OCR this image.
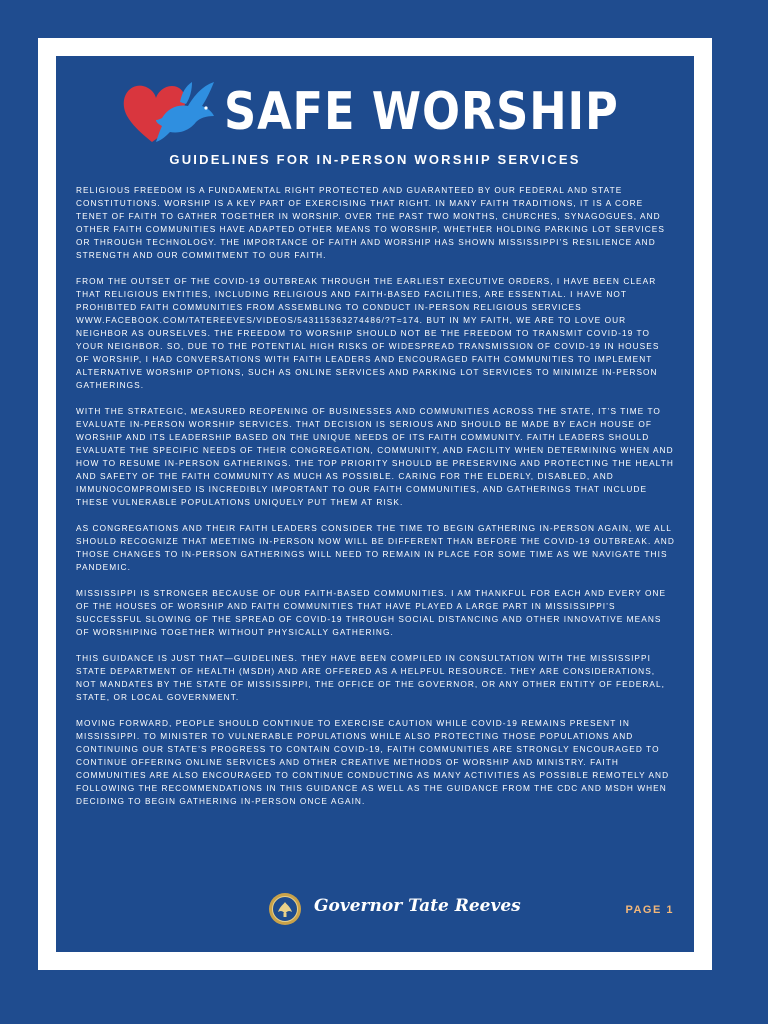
SAFE WORSHIP
GUIDELINES FOR IN-PERSON WORSHIP SERVICES

RELIGIOUS FREEDOM IS A FUNDAMENTAL RIGHT PROTECTED AND GUARANTEED BY OUR FEDERAL AND STATE CONSTITUTIONS. WORSHIP IS A KEY PART OF EXERCISING THAT RIGHT. IN MANY FAITH TRADITIONS, IT IS A CORE TENET OF FAITH TO GATHER TOGETHER IN WORSHIP. OVER THE PAST TWO MONTHS, CHURCHES, SYNAGOGUES, AND OTHER FAITH COMMUNITIES HAVE ADAPTED OTHER MEANS TO WORSHIP, WHETHER HOLDING PARKING LOT SERVICES OR THROUGH TECHNOLOGY. THE IMPORTANCE OF FAITH AND WORSHIP HAS SHOWN MISSISSIPPI’S RESILIENCE AND STRENGTH AND OUR COMMITMENT TO OUR FAITH.

FROM THE OUTSET OF THE COVID-19 OUTBREAK THROUGH THE EARLIEST EXECUTIVE ORDERS, I HAVE BEEN CLEAR THAT RELIGIOUS ENTITIES, INCLUDING RELIGIOUS AND FAITH-BASED FACILITIES, ARE ESSENTIAL. I HAVE NOT PROHIBITED FAITH COMMUNITIES FROM ASSEMBLING TO CONDUCT IN-PERSON RELIGIOUS SERVICES WWW.FACEBOOK.COM/TATEREEVES/VIDEOS/543115363274486/?T=174. BUT IN MY FAITH, WE ARE TO LOVE OUR NEIGHBOR AS OURSELVES. THE FREEDOM TO WORSHIP SHOULD NOT BE THE FREEDOM TO TRANSMIT COVID-19 TO YOUR NEIGHBOR. SO, DUE TO THE POTENTIAL HIGH RISKS OF WIDESPREAD TRANSMISSION OF COVID-19 IN HOUSES OF WORSHIP, I HAD CONVERSATIONS WITH FAITH LEADERS AND ENCOURAGED FAITH COMMUNITIES TO IMPLEMENT ALTERNATIVE WORSHIP OPTIONS, SUCH AS ONLINE SERVICES AND PARKING LOT SERVICES TO MINIMIZE IN-PERSON GATHERINGS.

WITH THE STRATEGIC, MEASURED REOPENING OF BUSINESSES AND COMMUNITIES ACROSS THE STATE, IT’S TIME TO EVALUATE IN-PERSON WORSHIP SERVICES. THAT DECISION IS SERIOUS AND SHOULD BE MADE BY EACH HOUSE OF WORSHIP AND ITS LEADERSHIP BASED ON THE UNIQUE NEEDS OF ITS FAITH COMMUNITY. FAITH LEADERS SHOULD EVALUATE THE SPECIFIC NEEDS OF THEIR CONGREGATION, COMMUNITY, AND FACILITY WHEN DETERMINING WHEN AND HOW TO RESUME IN-PERSON GATHERINGS. THE TOP PRIORITY SHOULD BE PRESERVING AND PROTECTING THE HEALTH AND SAFETY OF THE FAITH COMMUNITY AS MUCH AS POSSIBLE. CARING FOR THE ELDERLY, DISABLED, AND IMMUNOCOMPROMISED IS INCREDIBLY IMPORTANT TO OUR FAITH COMMUNITIES, AND GATHERINGS THAT INCLUDE THESE VULNERABLE POPULATIONS UNIQUELY PUT THEM AT RISK.

AS CONGREGATIONS AND THEIR FAITH LEADERS CONSIDER THE TIME TO BEGIN GATHERING IN-PERSON AGAIN, WE ALL SHOULD RECOGNIZE THAT MEETING IN-PERSON NOW WILL BE DIFFERENT THAN BEFORE THE COVID-19 OUTBREAK. AND THOSE CHANGES TO IN-PERSON GATHERINGS WILL NEED TO REMAIN IN PLACE FOR SOME TIME AS WE NAVIGATE THIS PANDEMIC.

MISSISSIPPI IS STRONGER BECAUSE OF OUR FAITH-BASED COMMUNITIES. I AM THANKFUL FOR EACH AND EVERY ONE OF THE HOUSES OF WORSHIP AND FAITH COMMUNITIES THAT HAVE PLAYED A LARGE PART IN MISSISSIPPI’S SUCCESSFUL SLOWING OF THE SPREAD OF COVID-19 THROUGH SOCIAL DISTANCING AND OTHER INNOVATIVE MEANS OF WORSHIPING TOGETHER WITHOUT PHYSICALLY GATHERING.

THIS GUIDANCE IS JUST THAT—GUIDELINES. THEY HAVE BEEN COMPILED IN CONSULTATION WITH THE MISSISSIPPI STATE DEPARTMENT OF HEALTH (MSDH) AND ARE OFFERED AS A HELPFUL RESOURCE. THEY ARE CONSIDERATIONS, NOT MANDATES BY THE STATE OF MISSISSIPPI, THE OFFICE OF THE GOVERNOR, OR ANY OTHER ENTITY OF FEDERAL, STATE, OR LOCAL GOVERNMENT.

MOVING FORWARD, PEOPLE SHOULD CONTINUE TO EXERCISE CAUTION WHILE COVID-19 REMAINS PRESENT IN MISSISSIPPI. TO MINISTER TO VULNERABLE POPULATIONS WHILE ALSO PROTECTING THOSE POPULATIONS AND CONTINUING OUR STATE’S PROGRESS TO CONTAIN COVID-19, FAITH COMMUNITIES ARE STRONGLY ENCOURAGED TO CONTINUE OFFERING ONLINE SERVICES AND OTHER CREATIVE METHODS OF WORSHIP AND MINISTRY. FAITH COMMUNITIES ARE ALSO ENCOURAGED TO CONTINUE CONDUCTING AS MANY ACTIVITIES AS POSSIBLE REMOTELY AND FOLLOWING THE RECOMMENDATIONS IN THIS GUIDANCE AS WELL AS THE GUIDANCE FROM THE CDC AND MSDH WHEN DECIDING TO BEGIN GATHERING IN-PERSON ONCE AGAIN.

Governor Tate Reeves	PAGE 1
